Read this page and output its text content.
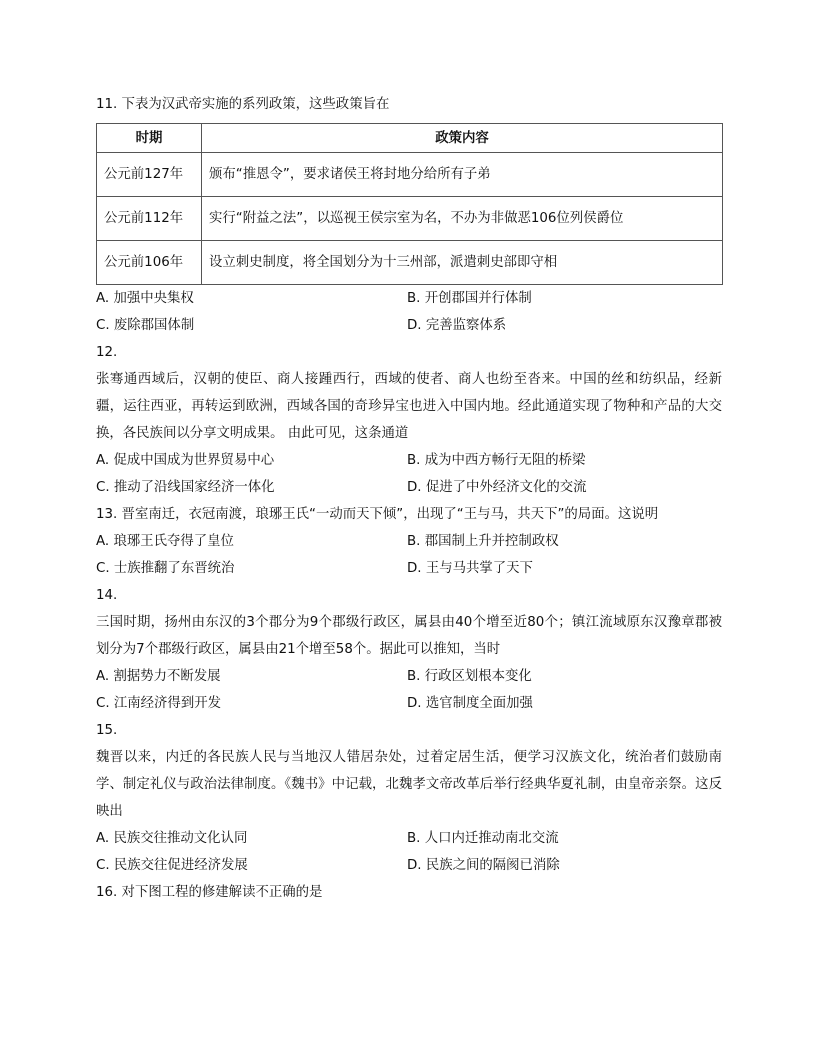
11. 下表为汉武帝实施的系列政策，这些政策旨在
时期	政策内容
公元前127年	颁布“推恩令”，要求诸侯王将封地分给所有子弟
公元前112年	实行“附益之法”，以巡视王侯宗室为名，不办为非做恶106位列侯爵位
公元前106年	设立刺史制度，将全国划分为十三州部，派遣刺史部即守相
A. 加强中央集权	B. 开创郡国并行体制
C. 废除郡国体制	D. 完善监察体系
12.
张骞通西域后，汉朝的使臣、商人接踵西行，西域的使者、商人也纷至沓来。中国的丝和纺织品，经新疆，运往西亚，再转运到欧洲，西域各国的奇珍异宝也进入中国内地。经此通道实现了物种和产品的大交换，各民族间以分享文明成果。 由此可见，这条通道
A. 促成中国成为世界贸易中心	B. 成为中西方畅行无阻的桥梁
C. 推动了沿线国家经济一体化	D. 促进了中外经济文化的交流
13. 晋室南迁，衣冠南渡，琅琊王氏“一动而天下倾”，出现了“王与马，共天下”的局面。这说明
A. 琅琊王氏夺得了皇位	B. 郡国制上升并控制政权
C. 士族推翻了东晋统治	D. 王与马共掌了天下
14.
三国时期，扬州由东汉的3个郡分为9个郡级行政区，属县由40个增至近80个；镇江流域原东汉豫章郡被划分为7个郡级行政区，属县由21个增至58个。据此可以推知，当时
A. 割据势力不断发展	B. 行政区划根本变化
C. 江南经济得到开发	D. 选官制度全面加强
15.
魏晋以来，内迁的各民族人民与当地汉人错居杂处，过着定居生活，便学习汉族文化，统治者们鼓励南学、制定礼仪与政治法律制度。《魏书》中记载，北魏孝文帝改革后举行经典华夏礼制，由皇帝亲祭。这反映出
A. 民族交往推动文化认同	B. 人口内迁推动南北交流
C. 民族交往促进经济发展	D. 民族之间的隔阂已消除
16. 对下图工程的修建解读不正确的是
